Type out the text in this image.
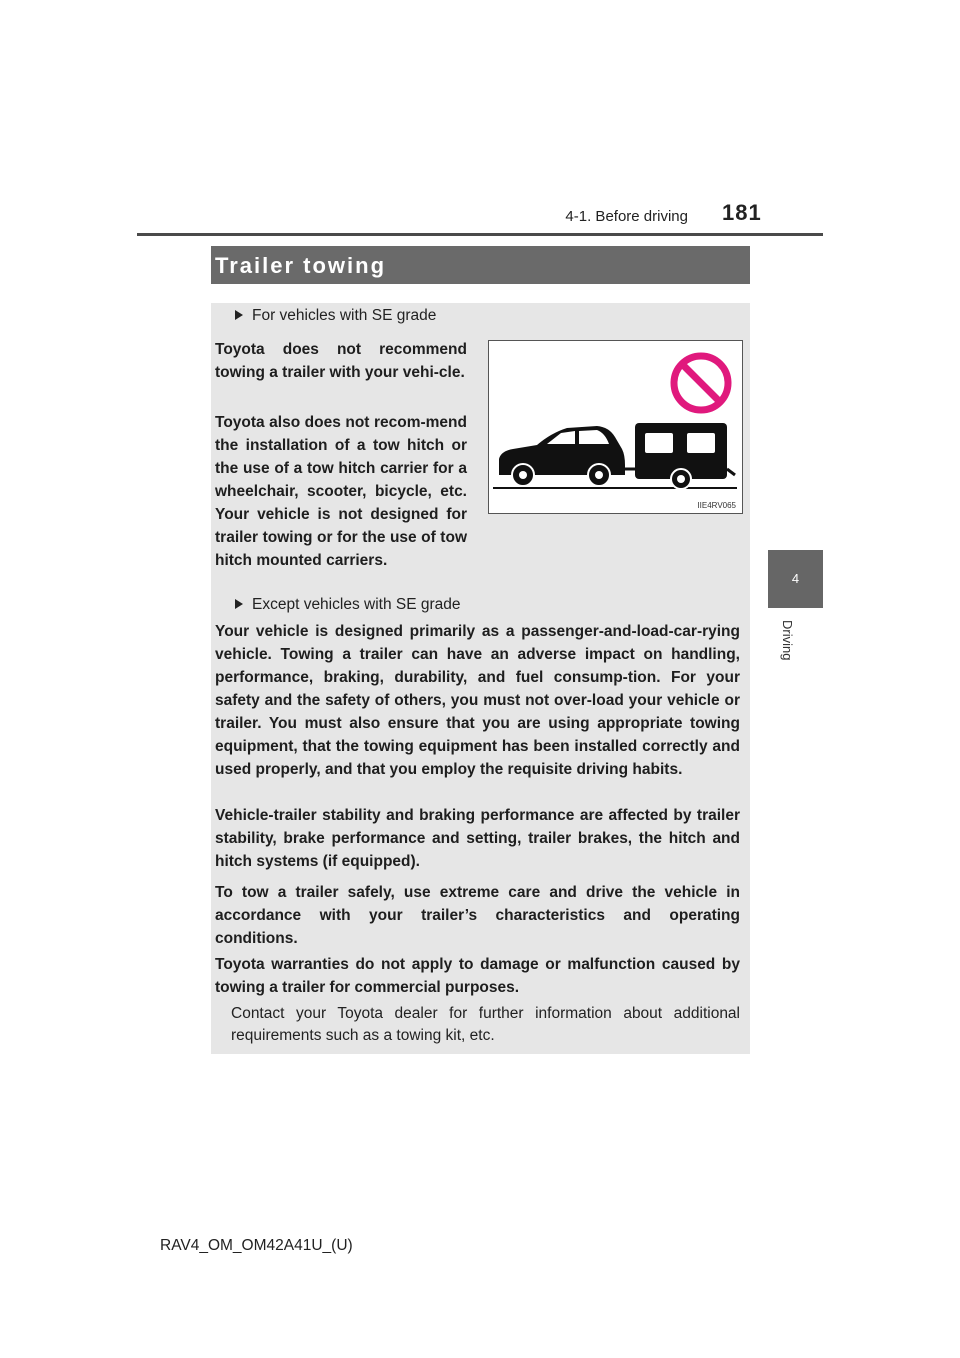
4-1. Before driving 181
4
Driving
Trailer towing
For vehicles with SE grade

Toyota does not recommend towing a trailer with your vehi-cle.

Toyota also does not recom-mend the installation of a tow hitch or the use of a tow hitch carrier for a wheelchair, scooter, bicycle, etc. Your vehicle is not designed for trailer towing or for the use of tow hitch mounted carriers.

IIE4RV065
Except vehicles with SE grade

Your vehicle is designed primarily as a passenger-and-load-car-rying vehicle. Towing a trailer can have an adverse impact on handling, performance, braking, durability, and fuel consump-tion. For your safety and the safety of others, you must not over-load your vehicle or trailer. You must also ensure that you are using appropriate towing equipment, that the towing equipment has been installed correctly and used properly, and that you employ the requisite driving habits.

Vehicle-trailer stability and braking performance are affected by trailer stability, brake performance and setting, trailer brakes, the hitch and hitch systems (if equipped).

To tow a trailer safely, use extreme care and drive the vehicle in accordance with your trailer’s characteristics and operating conditions.

Toyota warranties do not apply to damage or malfunction caused by towing a trailer for commercial purposes.

Contact your Toyota dealer for further information about additional requirements such as a towing kit, etc.

RAV4_OM_OM42A41U_(U)
